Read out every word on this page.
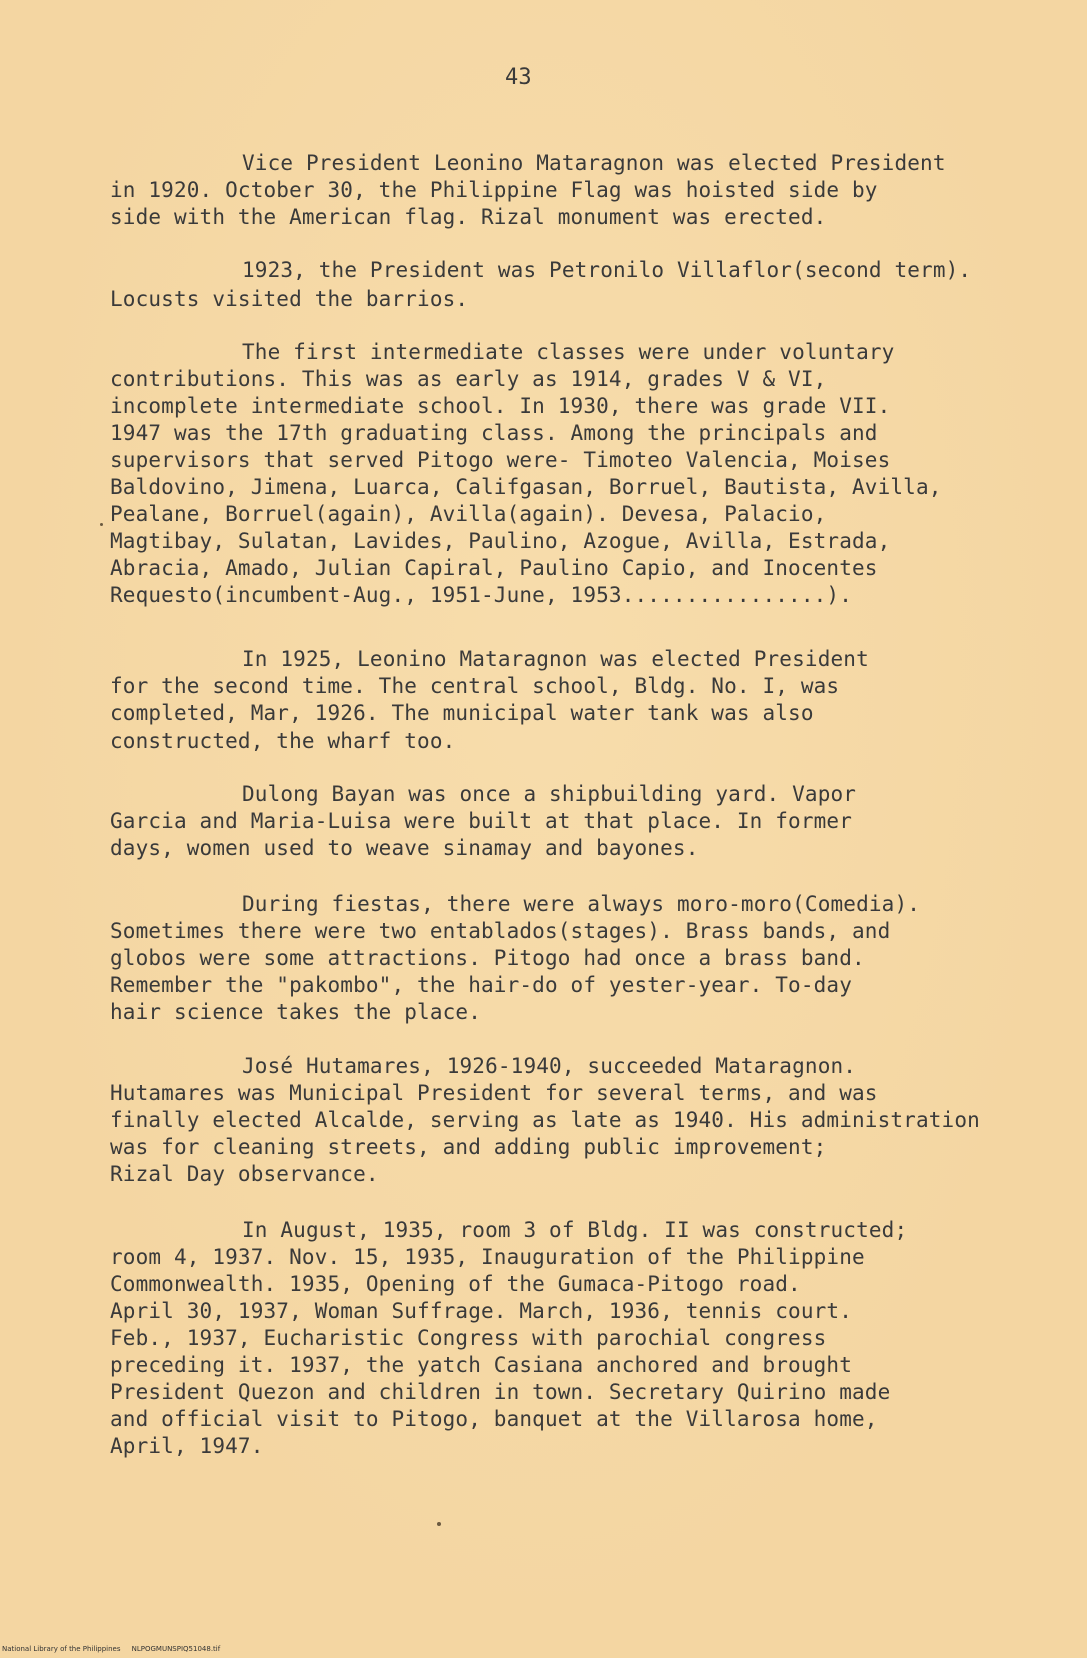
43
Vice President Leonino Mataragnon was elected President
in 1920. October 30, the Philippine Flag was hoisted side by
side with the American flag. Rizal monument was erected.
1923, the President was Petronilo Villaflor(second term).
Locusts visited the barrios.
The first intermediate classes were under voluntary
contributions. This was as early as 1914, grades V & VI,
incomplete intermediate school. In 1930, there was grade VII.
1947 was the 17th graduating class. Among the principals and
supervisors that served Pitogo were- Timoteo Valencia, Moises
Baldovino, Jimena, Luarca, Califgasan, Borruel, Bautista, Avilla,
Pealane, Borruel(again), Avilla(again). Devesa, Palacio,
Magtibay, Sulatan, Lavides, Paulino, Azogue, Avilla, Estrada,
Abracia, Amado, Julian Capiral, Paulino Capio, and Inocentes
Requesto(incumbent-Aug., 1951-June, 1953................).
In 1925, Leonino Mataragnon was elected President
for the second time. The central school, Bldg. No. I, was
completed, Mar, 1926. The municipal water tank was also
constructed, the wharf too.
Dulong Bayan was once a shipbuilding yard. Vapor
Garcia and Maria-Luisa were built at that place. In former
days, women used to weave sinamay and bayones.
During fiestas, there were always moro-moro(Comedia).
Sometimes there were two entablados(stages). Brass bands, and
globos were some attractions. Pitogo had once a brass band.
Remember the "pakombo", the hair-do of yester-year. To-day
hair science takes the place.
José Hutamares, 1926-1940, succeeded Mataragnon.
Hutamares was Municipal President for several terms, and was
finally elected Alcalde, serving as late as 1940. His administration
was for cleaning streets, and adding public improvement;
Rizal Day observance.
In August, 1935, room 3 of Bldg. II was constructed;
room 4, 1937. Nov. 15, 1935, Inauguration of the Philippine
Commonwealth. 1935, Opening of the Gumaca-Pitogo road.
April 30, 1937, Woman Suffrage. March, 1936, tennis court.
Feb., 1937, Eucharistic Congress with parochial congress
preceding it. 1937, the yatch Casiana anchored and brought
President Quezon and children in town. Secretary Quirino made
and official visit to Pitogo, banquet at the Villarosa home,
April, 1947.
National Library of the Philippines     NLPOGMUNSPIQ51048.tif
